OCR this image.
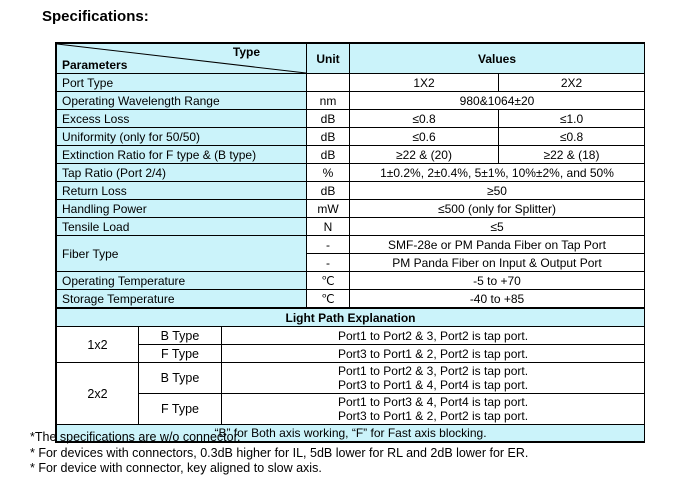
Specifications:
Type
Parameters	Unit	Values	
Port Type		1X2	2X2
Operating Wavelength Range	nm	980&1064±20	
Excess Loss	dB	≤0.8	≤1.0
Uniformity (only for 50/50)	dB	≤0.6	≤0.8
Extinction Ratio for F type & (B type)	dB	≥22 & (20)	≥22 & (18)
Tap Ratio (Port 2/4)	%	1±0.2%, 2±0.4%, 5±1%, 10%±2%, and 50%	
Return Loss	dB	≥50	
Handling Power	mW	≤500 (only for Splitter)	
Tensile Load	N	≤5	
Fiber Type	-	SMF-28e or PM Panda Fiber on Tap Port	
	-	PM Panda Fiber on Input & Output Port	
Operating Temperature	℃	-5 to +70	
Storage Temperature	℃	-40 to +85	
Light Path Explanation		
1x2	B Type	Port1 to Port2 & 3, Port2 is tap port.
	F Type	Port3 to Port1 & 2, Port2 is tap port.
2x2	B Type	Port1 to Port2 & 3, Port2 is tap port.
Port3 to Port1 & 4, Port4 is tap port.

	F Type	Port1 to Port3 & 4, Port4 is tap port.
Port3 to Port1 & 2, Port2 is tap port.

“B” for Both axis working, “F” for Fast axis blocking.		
*The specifications are w/o connector.
* For devices with connectors, 0.3dB higher for IL, 5dB lower for RL and 2dB lower for ER.
* For device with connector, key aligned to slow axis.
